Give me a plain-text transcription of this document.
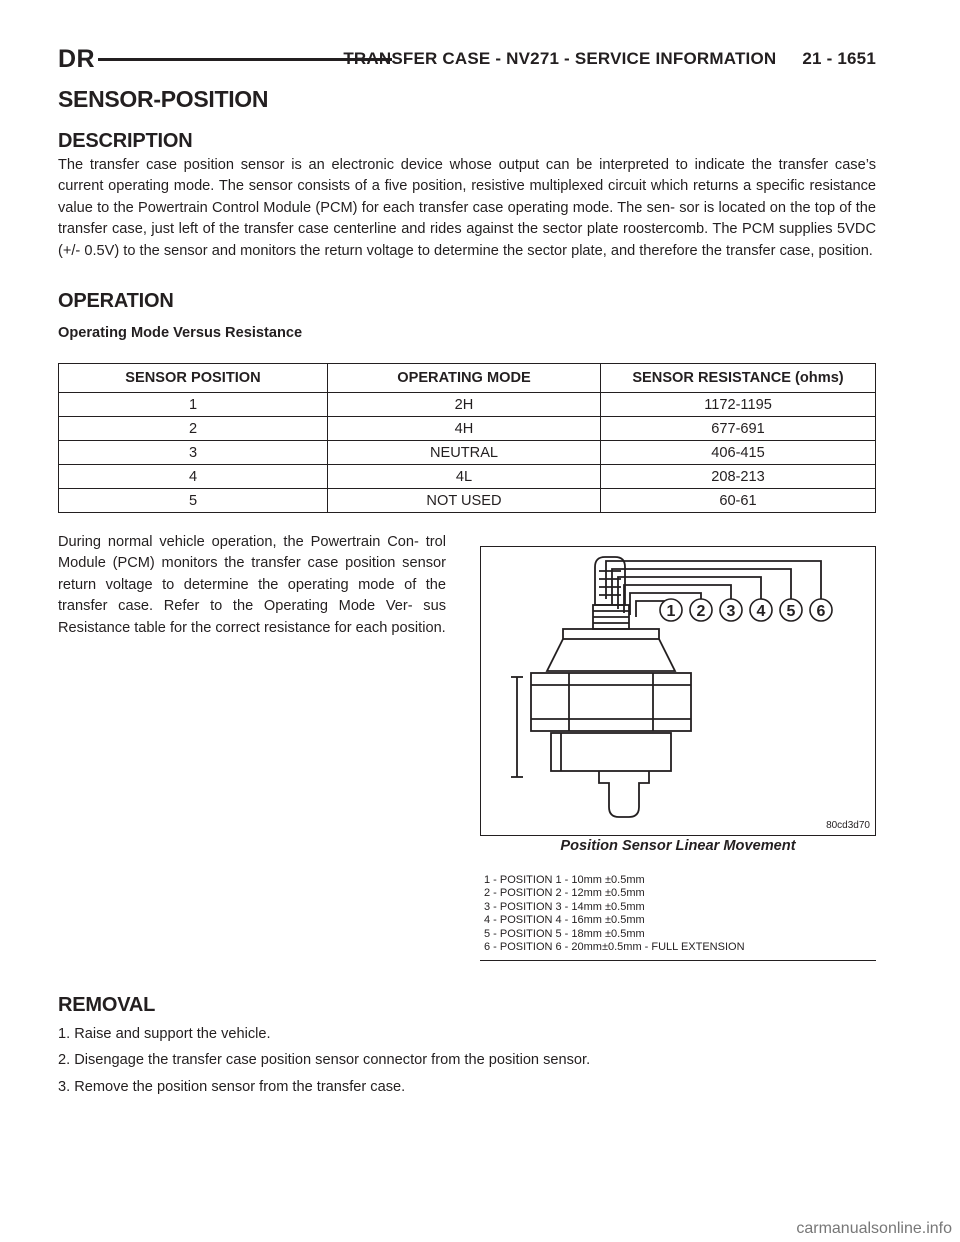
DR	TRANSFER CASE - NV271 - SERVICE INFORMATION 21 - 1651
SENSOR-POSITION
DESCRIPTION

The transfer case position sensor is an electronic device whose output can be interpreted to indicate the transfer case’s current operating mode. The sensor consists of a five position, resistive multiplexed circuit which returns a specific resistance value to the Powertrain Control Module (PCM) for each transfer case operating mode. The sen- sor is located on the top of the transfer case, just left of the transfer case centerline and rides against the sector plate roostercomb. The PCM supplies 5VDC (+/- 0.5V) to the sensor and monitors the return voltage to determine the sector plate, and therefore the transfer case, position.

OPERATION

Operating Mode Versus Resistance

SENSOR POSITION	OPERATING MODE	SENSOR RESISTANCE (ohms)
1	2H	1172-1195
2	4H	677-691
3	NEUTRAL	406-415
4	4L	208-213
5	NOT USED	60-61

During normal vehicle operation, the Powertrain Con- trol Module (PCM) monitors the transfer case position sensor return voltage to determine the operating mode of the transfer case. Refer to the Operating Mode Ver- sus Resistance table for the correct resistance for each position.

1 2 3 4 5 6
80cd3d70
Position Sensor Linear Movement
1 - POSITION 1 - 10mm ±0.5mm
2 - POSITION 2 - 12mm ±0.5mm
3 - POSITION 3 - 14mm ±0.5mm
4 - POSITION 4 - 16mm ±0.5mm
5 - POSITION 5 - 18mm ±0.5mm
6 - POSITION 6 - 20mm±0.5mm - FULL EXTENSION
REMOVAL
1. Raise and support the vehicle.
2. Disengage the transfer case position sensor connector from the position sensor.
3. Remove the position sensor from the transfer case.
carmanualsonline.info
